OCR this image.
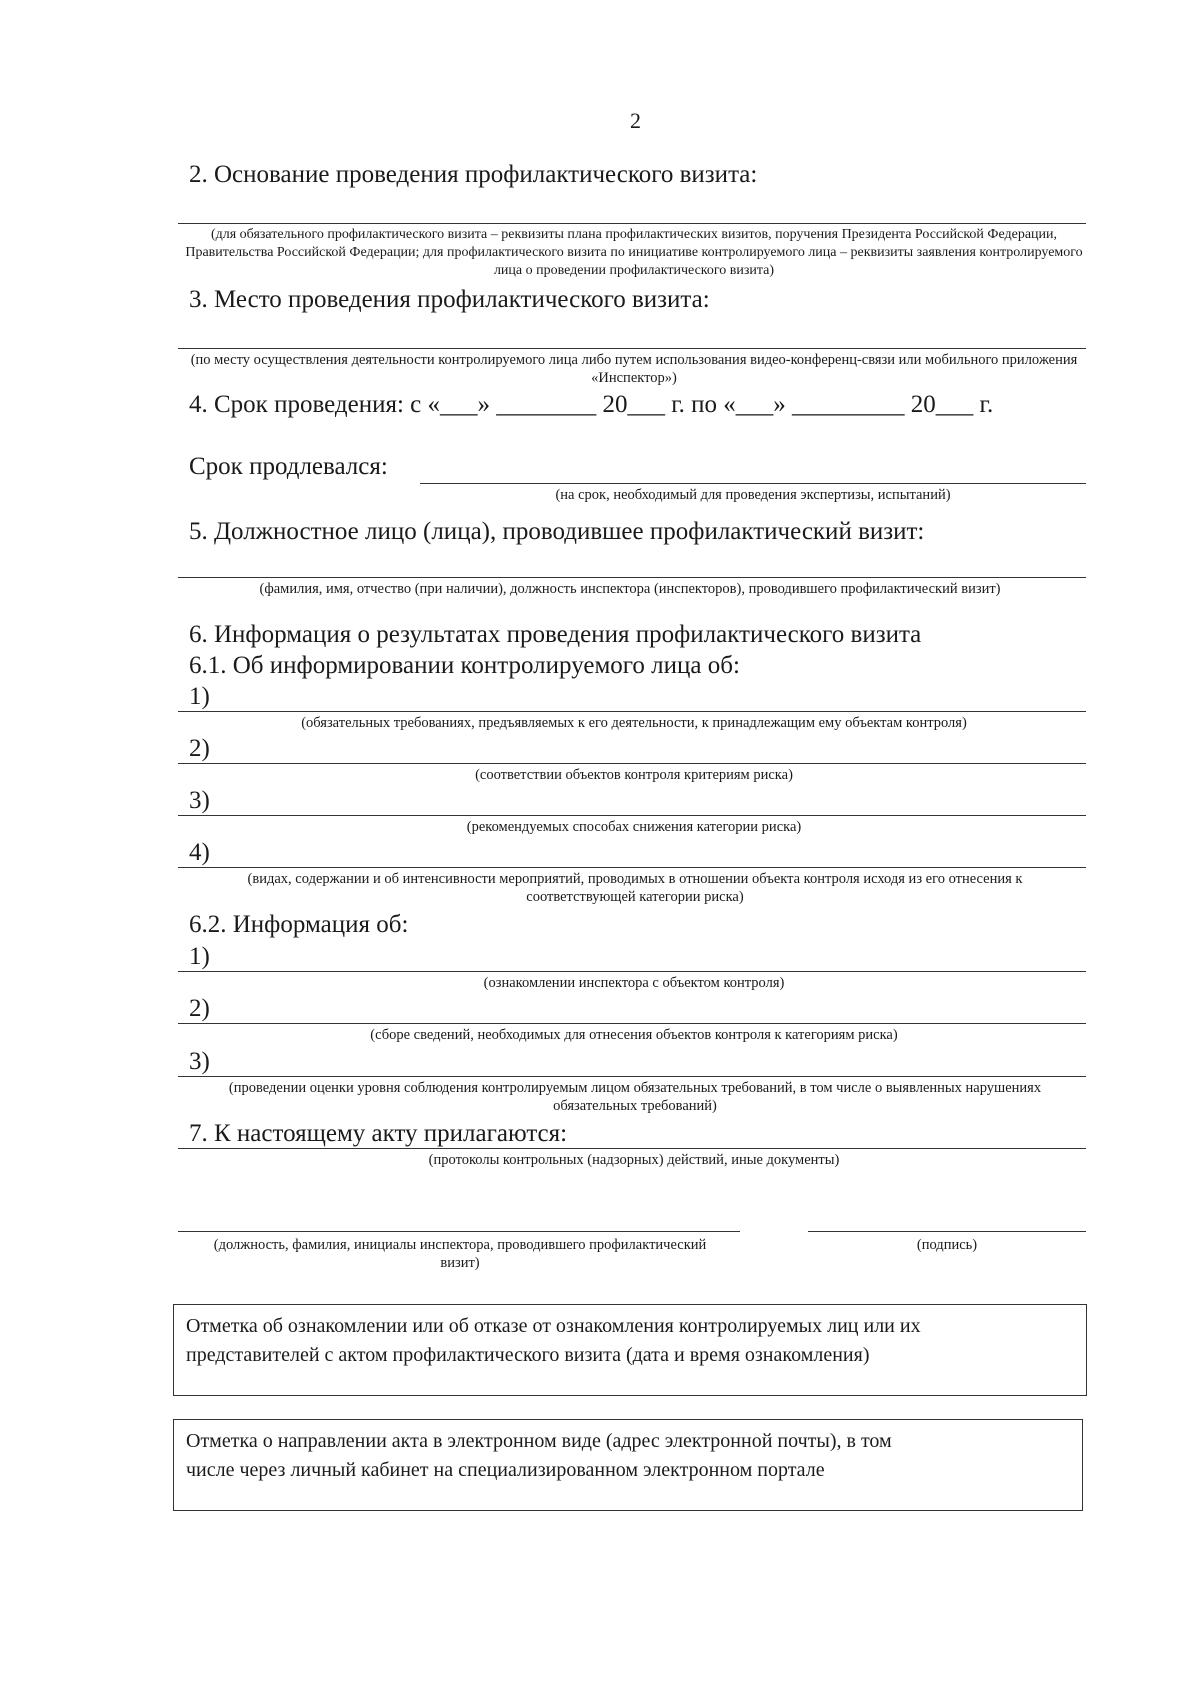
2
2. Основание проведения профилактического визита:
(для обязательного профилактического визита – реквизиты плана профилактических визитов, поручения Президента Российской Федерации, Правительства Российской Федерации; для профилактического визита по инициативе контролируемого лица – реквизиты заявления контролируемого лица о проведении профилактического визита)
3. Место проведения профилактического визита:
(по месту осуществления деятельности контролируемого лица либо путем использования видео-конференц-связи или мобильного приложения «Инспектор»)
4. Срок проведения: с «___» ________ 20___ г. по «___» _________ 20___ г.
Срок продлевался:
(на срок, необходимый для проведения экспертизы, испытаний)
5. Должностное лицо (лица), проводившее профилактический визит:
(фамилия, имя, отчество (при наличии), должность инспектора (инспекторов), проводившего профилактический визит)
6. Информация о результатах проведения профилактического визита
6.1. Об информировании контролируемого лица об:
1)
(обязательных требованиях, предъявляемых к его деятельности, к принадлежащим ему объектам контроля)
2)
(соответствии объектов контроля критериям риска)
3)
(рекомендуемых способах снижения категории риска)
4)
(видах, содержании и об интенсивности мероприятий, проводимых в отношении объекта контроля исходя из его отнесения к соответствующей категории риска)
6.2. Информация об:
1)
(ознакомлении инспектора с объектом контроля)
2)
(сборе сведений, необходимых для отнесения объектов контроля к категориям риска)
3)
(проведении оценки уровня соблюдения контролируемым лицом обязательных требований, в том числе о выявленных нарушениях обязательных требований)
7. К настоящему акту прилагаются:
(протоколы контрольных (надзорных) действий, иные документы)
(должность, фамилия, инициалы инспектора, проводившего профилактический визит)
(подпись)
Отметка об ознакомлении или об отказе от ознакомления контролируемых лиц или их
представителей с актом профилактического визита (дата и время ознакомления)
Отметка о направлении акта в электронном виде (адрес электронной почты), в том
числе через личный кабинет на специализированном электронном портале
